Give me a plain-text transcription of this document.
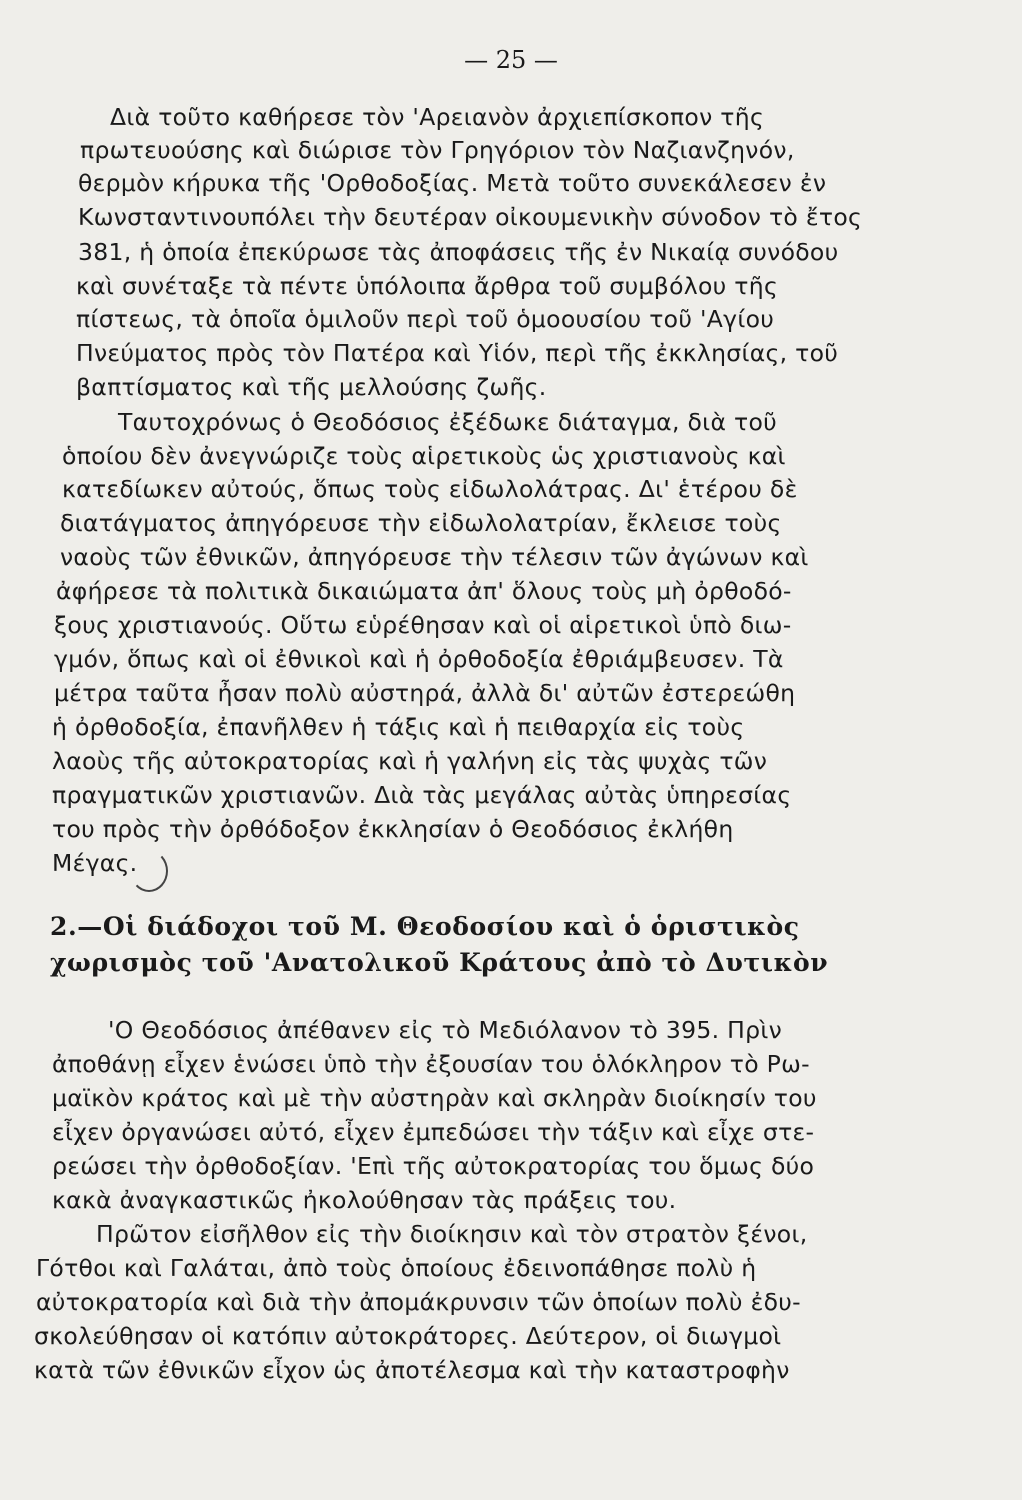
— 25 —

Διὰ τοῦτο καθήρεσε τὸν 'Αρειανὸν ἀρχιεπίσκοπον τῆς

πρωτευούσης καὶ διώρισε τὸν Γρηγόριον τὸν Ναζιανζηνόν,

θερμὸν κήρυκα τῆς 'Ορθοδοξίας. Μετὰ τοῦτο συνεκάλεσεν ἐν

Κωνσταντινουπόλει τὴν δευτέραν οἰκουμενικὴν σύνοδον τὸ ἔτος

381, ἡ ὁποία ἐπεκύρωσε τὰς ἀποφάσεις τῆς ἐν Νικαίᾳ συνόδου

καὶ συνέταξε τὰ πέντε ὑπόλοιπα ἄρθρα τοῦ συμβόλου τῆς

πίστεως, τὰ ὁποῖα ὁμιλοῦν περὶ τοῦ ὁμοουσίου τοῦ 'Αγίου

Πνεύματος πρὸς τὸν Πατέρα καὶ Υἱόν, περὶ τῆς ἐκκλησίας, τοῦ

βαπτίσματος καὶ τῆς μελλούσης ζωῆς.

Ταυτοχρόνως ὁ Θεοδόσιος ἐξέδωκε διάταγμα, διὰ τοῦ

ὁποίου δὲν ἀνεγνώριζε τοὺς αἱρετικοὺς ὡς χριστιανοὺς καὶ

κατεδίωκεν αὐτούς, ὅπως τοὺς εἰδωλολάτρας. Δι' ἑτέρου δὲ

διατάγματος ἀπηγόρευσε τὴν εἰδωλολατρίαν, ἔκλεισε τοὺς

ναοὺς τῶν ἐθνικῶν, ἀπηγόρευσε τὴν τέλεσιν τῶν ἀγώνων καὶ

ἀφήρεσε τὰ πολιτικὰ δικαιώματα ἀπ' ὅλους τοὺς μὴ ὀρθοδό-

ξους χριστιανούς. Οὕτω εὑρέθησαν καὶ οἱ αἱρετικοὶ ὑπὸ διω-

γμόν, ὅπως καὶ οἱ ἐθνικοὶ καὶ ἡ ὀρθοδοξία ἐθριάμβευσεν. Τὰ

μέτρα ταῦτα ἦσαν πολὺ αὐστηρά, ἀλλὰ δι' αὐτῶν ἐστερεώθη

ἡ ὀρθοδοξία, ἐπανῆλθεν ἡ τάξις καὶ ἡ πειθαρχία εἰς τοὺς

λαοὺς τῆς αὐτοκρατορίας καὶ ἡ γαλήνη εἰς τὰς ψυχὰς τῶν

πραγματικῶν χριστιανῶν. Διὰ τὰς μεγάλας αὐτὰς ὑπηρεσίας

του πρὸς τὴν ὀρθόδοξον ἐκκλησίαν ὁ Θεοδόσιος ἐκλήθη

Μέγας.

2.—Οἱ διάδοχοι τοῦ Μ. Θεοδοσίου καὶ ὁ ὁριστικὸς

χωρισμὸς τοῦ 'Ανατολικοῦ Κράτους ἀπὸ τὸ Δυτικὸν

'Ο Θεοδόσιος ἀπέθανεν εἰς τὸ Μεδιόλανον τὸ 395. Πρὶν

ἀποθάνῃ εἶχεν ἑνώσει ὑπὸ τὴν ἐξουσίαν του ὁλόκληρον τὸ Ρω-

μαϊκὸν κράτος καὶ μὲ τὴν αὐστηρὰν καὶ σκληρὰν διοίκησίν του

εἶχεν ὀργανώσει αὐτό, εἶχεν ἐμπεδώσει τὴν τάξιν καὶ εἶχε στε-

ρεώσει τὴν ὀρθοδοξίαν. 'Επὶ τῆς αὐτοκρατορίας του ὅμως δύο

κακὰ ἀναγκαστικῶς ἠκολούθησαν τὰς πράξεις του.

Πρῶτον εἰσῆλθον εἰς τὴν διοίκησιν καὶ τὸν στρατὸν ξένοι,

Γότθοι καὶ Γαλάται, ἀπὸ τοὺς ὁποίους ἐδεινοπάθησε πολὺ ἡ

αὐτοκρατορία καὶ διὰ τὴν ἀπομάκρυνσιν τῶν ὁποίων πολὺ ἐδυ-

σκολεύθησαν οἱ κατόπιν αὐτοκράτορες. Δεύτερον, οἱ διωγμοὶ

κατὰ τῶν ἐθνικῶν εἶχον ὡς ἀποτέλεσμα καὶ τὴν καταστροφὴν
